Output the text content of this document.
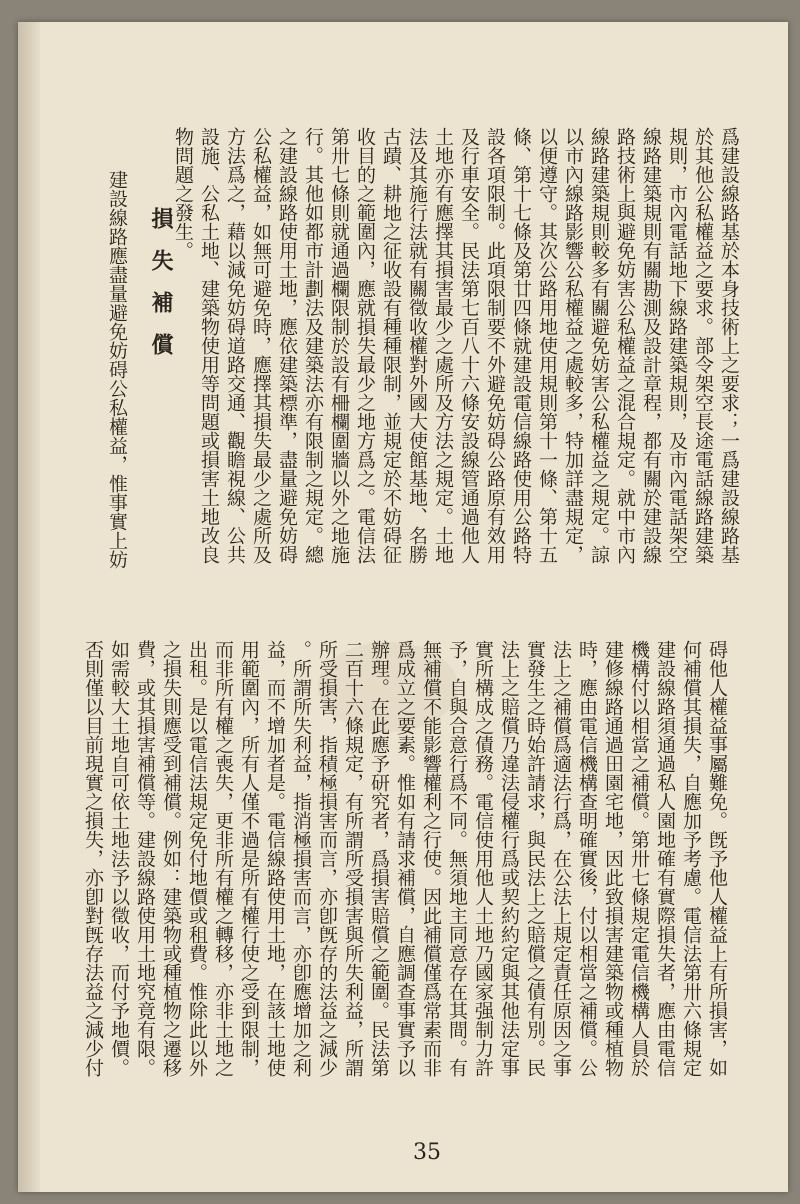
爲建設線路基於本身技術上之要求；一爲建設線路基
於其他公私權益之要求。部令架空長途電話線路建築
規則，市內電話地下線路建築規則，及市內電話架空
線路建築規則有關勘測及設計章程，都有關於建設線
路技術上與避免妨害公私權益之混合規定。就中市內
線路建築規則較多有關避免妨害公私權益之規定。諒
以市內線路影響公私權益之處較多，特加詳盡規定，
以便遵守。其次公路用地使用規則第十一條、第十五
條、第十七條及第廿四條就建設電信線路使用公路特
設各項限制。此項限制要不外避免妨碍公路原有效用
及行車安全。民法第七百八十六條安設線管通過他人
土地亦有應擇其損害最少之處所及方法之規定。土地
法及其施行法就有關徵收權對外國大使館基地、名勝
古蹟、耕地之征收設有種種限制，並規定於不妨碍征
收目的之範圍內，應就損失最少之地方爲之。電信法
第卅七條則就通過欄限制於設有柵欄圍牆以外之地施
行。其他如都市計劃法及建築法亦有限制之規定。總
之建設線路使用土地，應依建築標準，盡量避免妨碍
公私權益，如無可避免時，應擇其損失最少之處所及
方法爲之，藉以減免妨碍道路交通、觀瞻視線、公共
設施、公私土地、建築物使用等問題或損害土地改良
物問題之發生。
損失補償
建設線路應盡量避免妨碍公私權益，惟事實上妨
碍他人權益事屬難免。旣予他人權益上有所損害，如
何補償其損失，自應加予考慮。電信法第卅六條規定
建設線路須通過私人園地確有實際損失者，應由電信
機構付以相當之補償。第卅七條規定電信機構人員於
建修線路通過田園宅地，因此致損害建築物或種植物
時，應由電信機構查明確實後，付以相當之補償。公
法上之補償爲適法行爲，在公法上規定責任原因之事
實發生之時始許請求，與民法上之賠償之債有別。民
法上之賠償乃違法侵權行爲或契約約定與其他法定事
實所構成之債務。電信使用他人土地乃國家强制力許
予，自與合意行爲不同。無須地主同意存在其間。有
無補償不能影響權利之行使。因此補償僅爲常素而非
爲成立之要素。惟如有請求補償，自應調查事實予以
辦理。在此應予研究者，爲損害賠償之範圍。民法第
二百十六條規定，有所謂所受損害與所失利益，所謂
所受損害，指積極損害而言，亦卽旣存的法益之減少
。所謂所失利益，指消極損害而言，亦卽應增加之利
益，而不增加者是。電信線路使用土地，在該土地使
用範圍內，所有人僅不過是所有權行使之受到限制，
而非所有權之喪失，更非所有權之轉移，亦非土地之
出租。是以電信法規定免付地價或租費。惟除此以外
之損失則應受到補償。例如：建築物或種植物之遷移
費，或其損害補償等。建設線路使用土地究竟有限。
如需較大土地自可依土地法予以徵收，而付予地價。
否則僅以目前現實之損失，亦卽對旣存法益之減少付
35
